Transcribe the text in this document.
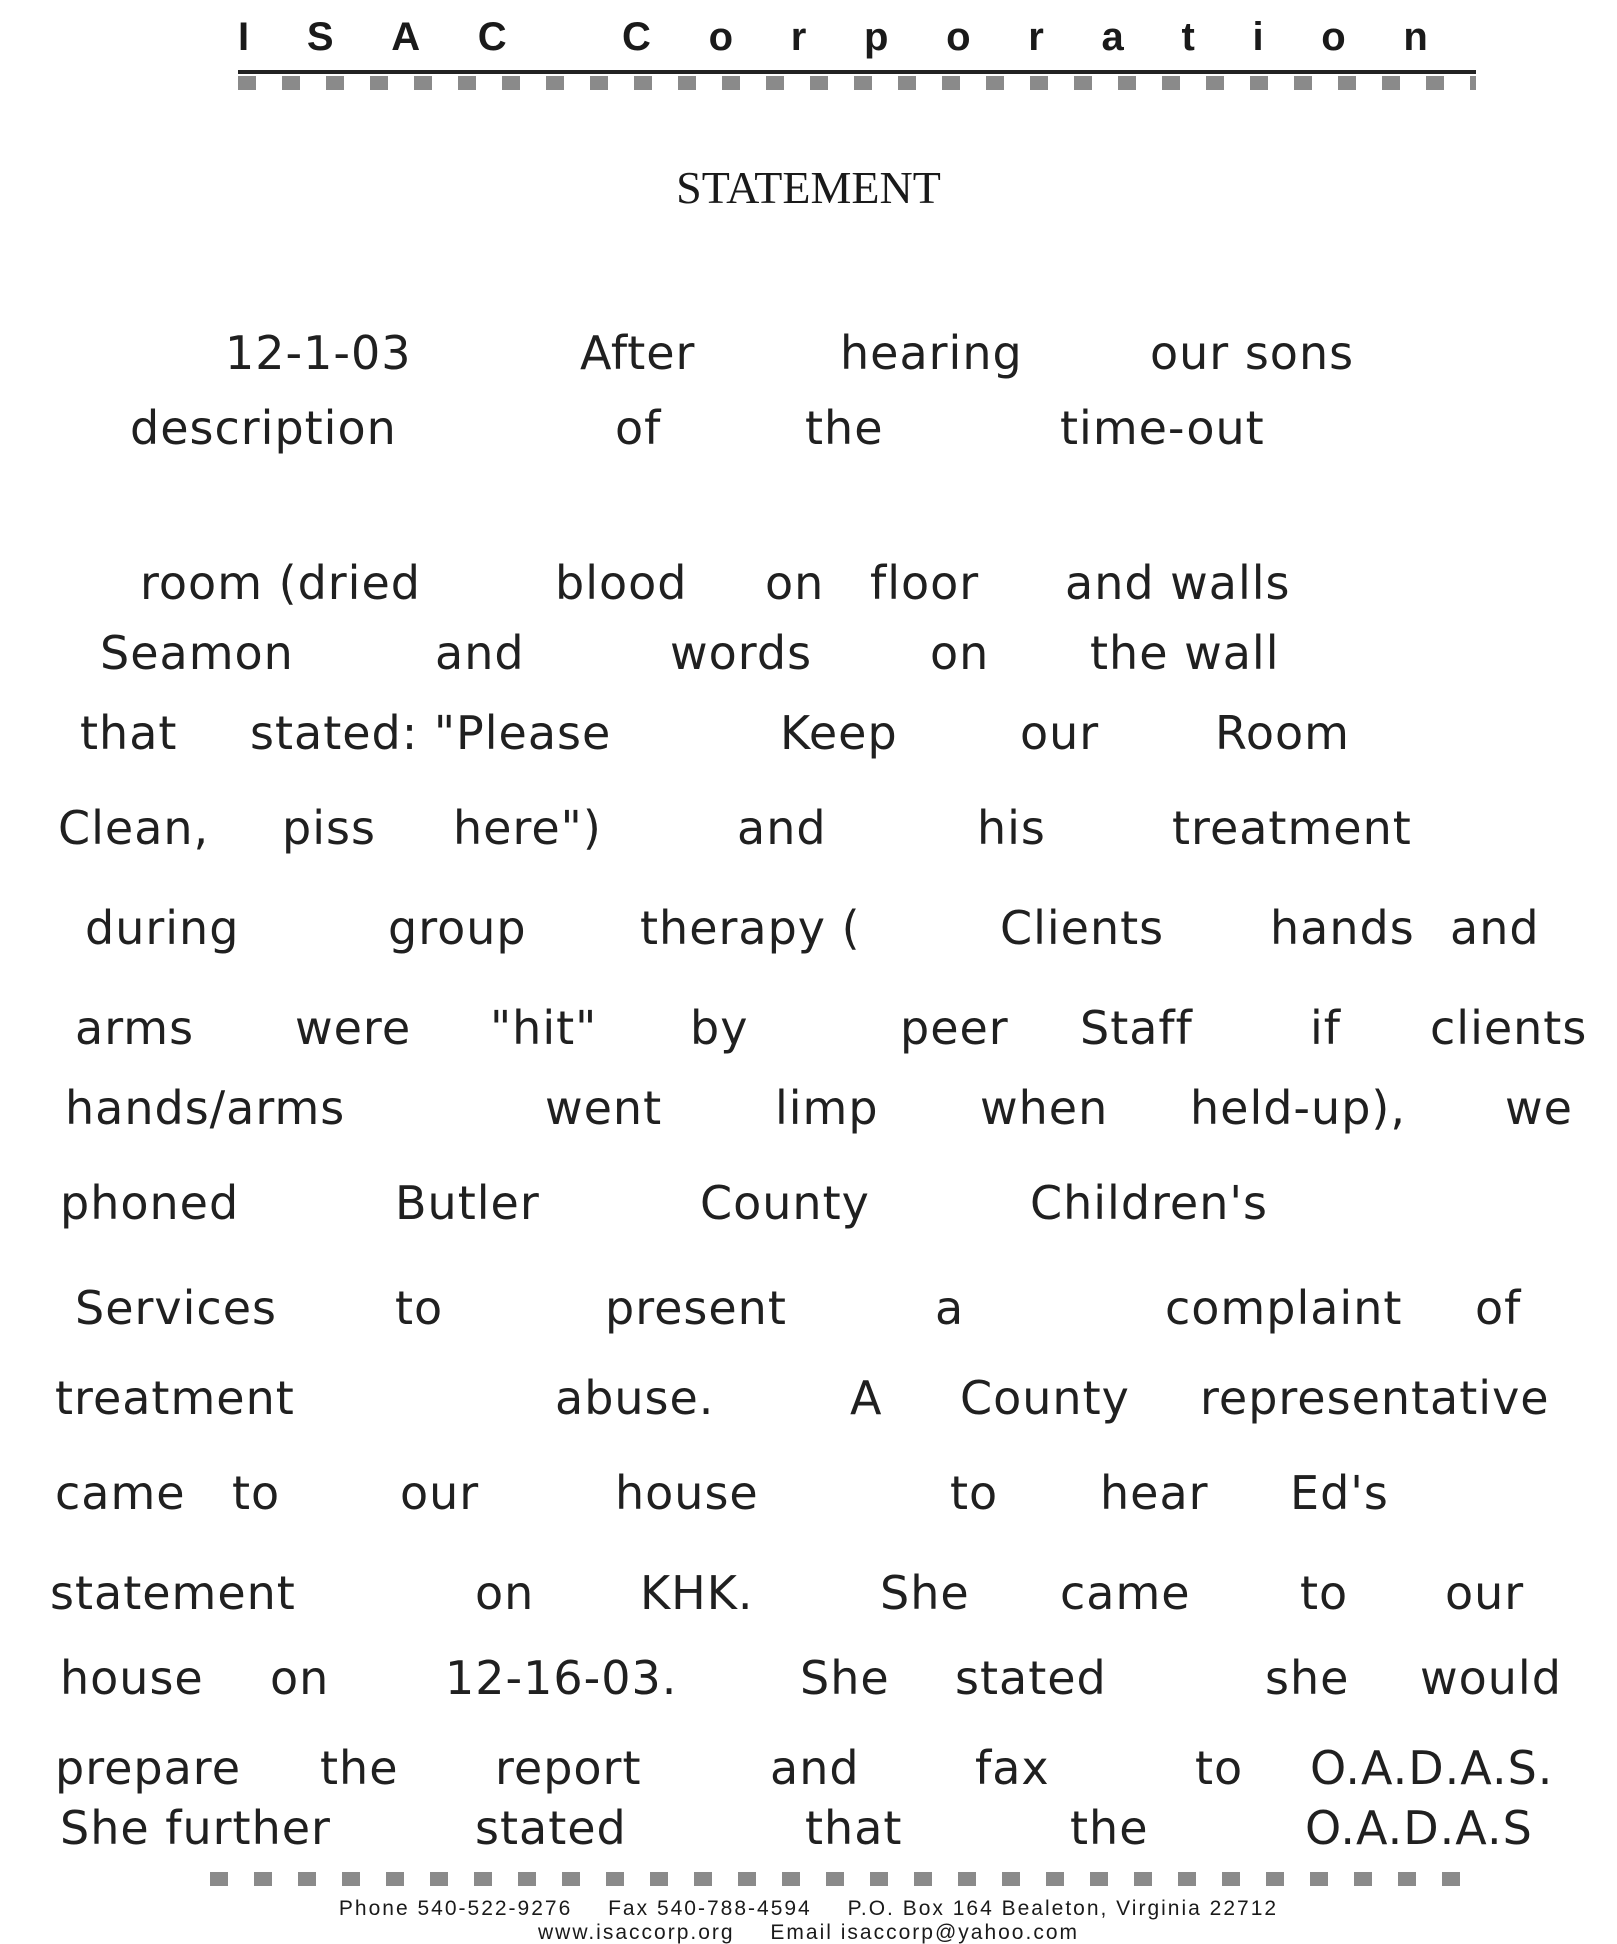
I S A C	C o r p o r a t i o n
STATEMENT
12-1-03	After	hearing	our sons
description	of	the	time-out
room (dried	blood on floor and walls
Seamon	and	words	on the wall
that stated: "Please	Keep	our	Room
Clean, piss here")	and	his	treatment
during	group therapy (	Clients hands and
arms were "hit" by	peer Staff	if clients
hands/arms	went limp when held-up), we
phoned	Butler	County	Children's
Services	to	present	a	complaint of
treatment	abuse.	A County representative
came to	our	house	to hear Ed's
statement	on KHK.	She came to our
house on	12-16-03.	She stated	she would
prepare the report	and	fax	to O.A.D.A.S.
She further	stated	that	the	O.A.D.A.S
Phone 540-522-9276 Fax 540-788-4594 P.O. Box 164 Bealeton, Virginia 22712
www.isaccorp.org Email isaccorp@yahoo.com
